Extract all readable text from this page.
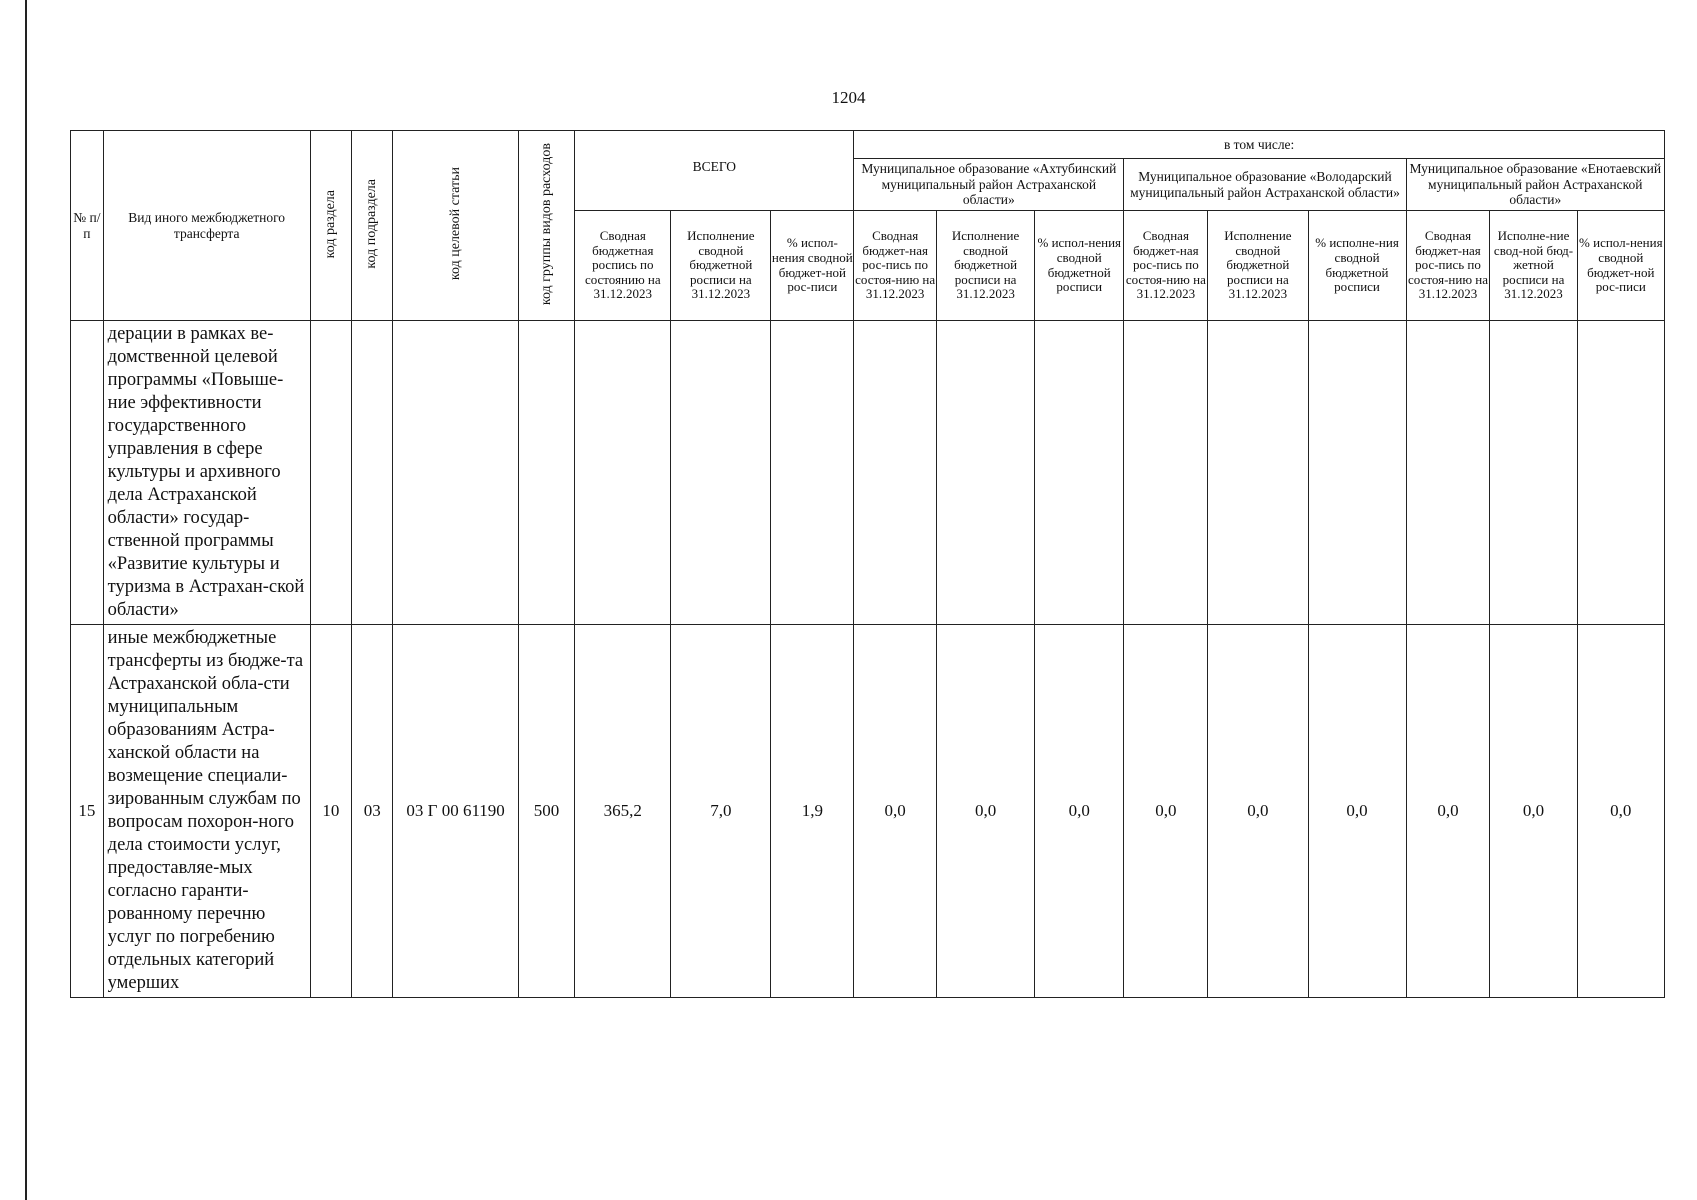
1204
№ п/п	Вид иного межбюджетного трансферта	код раздела	код подраздела	код целевой статьи	код группы видов расходов	ВСЕГО			в том числе:								
									Муниципальное образование «Ахтубинский муниципальный район Астраханской области»			Муниципальное образование «Володарский муниципальный район Астраханской области»			Муниципальное образование «Енотаевский муниципальный район Астраханской области»		
						Сводная бюджетная роспись по состоянию на 31.12.2023	Исполнение сводной бюджетной росписи на 31.12.2023	% испол-нения сводной бюджет-ной рос-писи	Сводная бюджет-ная рос-пись по состоя-нию на 31.12.2023	Исполнение сводной бюджетной росписи на 31.12.2023	% испол-нения сводной бюджетной росписи	Сводная бюджет-ная рос-пись по состоя-нию на 31.12.2023	Исполнение сводной бюджетной росписи на 31.12.2023	% исполне-ния сводной бюджетной росписи	Сводная бюджет-ная рос-пись по состоя-нию на 31.12.2023	Исполне-ние свод-ной бюд-жетной росписи на 31.12.2023	% испол-нения сводной бюджет-ной рос-писи
	дерации в рамках ве-домственной целевой программы «Повыше-ние эффективности государственного управления в сфере культуры и архивного дела Астраханской области» государ-ственной программы «Развитие культуры и туризма в Астрахан-ской области»																
15	иные межбюджетные трансферты из бюдже-та Астраханской обла-сти муниципальным образованиям Астра-ханской области на возмещение специали-зированным службам по вопросам похорон-ного дела стоимости услуг, предоставляе-мых согласно гаранти-рованному перечню услуг по погребению отдельных категорий умерших	10	03	03 Г 00 61190	500	365,2	7,0	1,9	0,0	0,0	0,0	0,0	0,0	0,0	0,0	0,0	0,0
